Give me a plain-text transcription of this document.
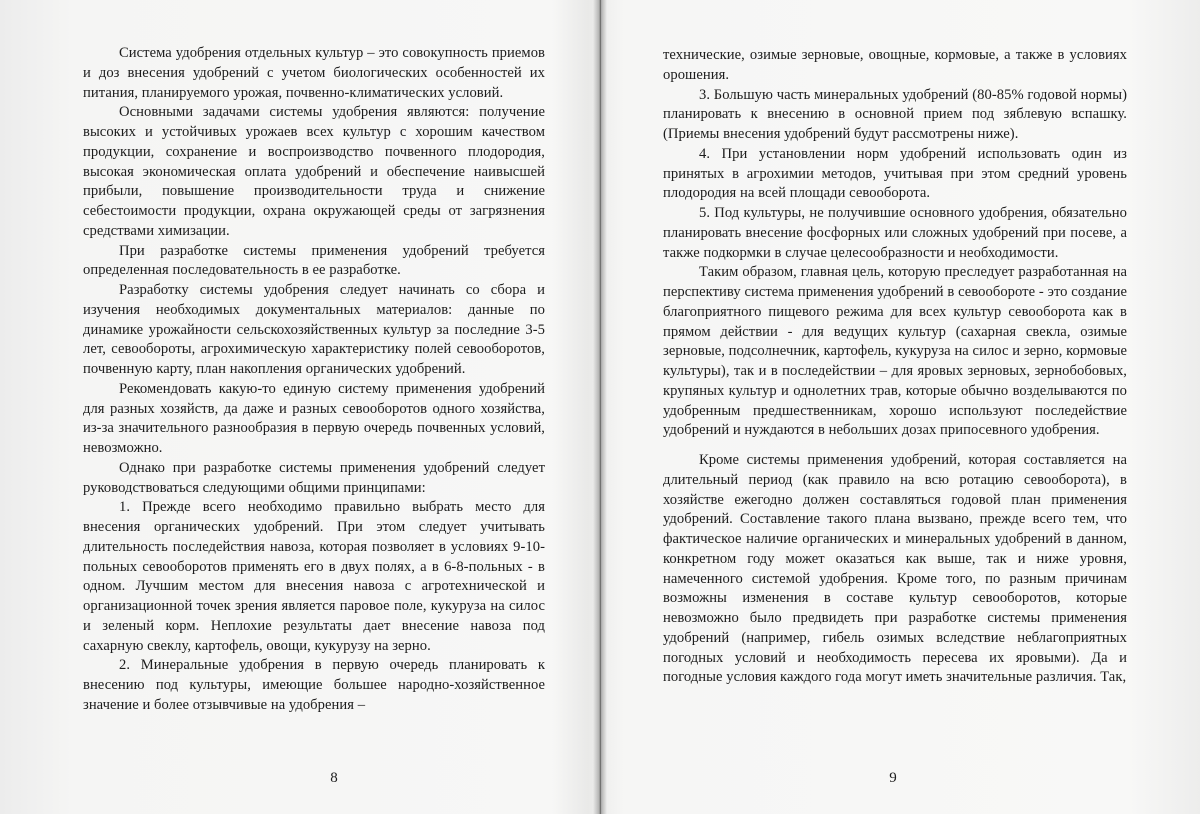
Система удобрения отдельных культур – это совокупность приемов и доз внесения удобрений с учетом биологических особенностей их питания, планируемого урожая, почвенно-климатических условий.

Основными задачами системы удобрения являются: получение высоких и устойчивых урожаев всех культур с хорошим качеством продукции, сохранение и воспроизводство почвенного плодородия, высокая экономическая оплата удобрений и обеспечение наивысшей прибыли, повышение производительности труда и снижение себестоимости продукции, охрана окружающей среды от загрязнения средствами химизации.

При разработке системы применения удобрений требуется определенная последовательность в ее разработке.

Разработку системы удобрения следует начинать со сбора и изучения необходимых документальных материалов: данные по динамике урожайности сельскохозяйственных культур за последние 3-5 лет, севообороты, агрохимическую характеристику полей севооборотов, почвенную карту, план накопления органических удобрений.

Рекомендовать какую-то единую систему применения удобрений для разных хозяйств, да даже и разных севооборотов одного хозяйства, из-за значительного разнообразия в первую очередь почвенных условий, невозможно.

Однако при разработке системы применения удобрений следует руководствоваться следующими общими принципами:

1. Прежде всего необходимо правильно выбрать место для внесения органических удобрений. При этом следует учитывать длительность последействия навоза, которая позволяет в условиях 9-10-польных севооборотов применять его в двух полях, а в 6-8-польных - в одном. Лучшим местом для внесения навоза с агротехнической и организационной точек зрения является паровое поле, кукуруза на силос и зеленый корм. Неплохие результаты дает внесение навоза под сахарную свеклу, картофель, овощи, кукурузу на зерно.

2. Минеральные удобрения в первую очередь планировать к внесению под культуры, имеющие большее народно-хозяйственное значение и более отзывчивые на удобрения –

8

технические, озимые зерновые, овощные, кормовые, а также в условиях орошения.

3. Большую часть минеральных удобрений (80-85% годовой нормы) планировать к внесению в основной прием под зяблевую вспашку. (Приемы внесения удобрений будут рассмотрены ниже).

4. При установлении норм удобрений использовать один из принятых в агрохимии методов, учитывая при этом средний уровень плодородия на всей площади севооборота.

5. Под культуры, не получившие основного удобрения, обязательно планировать внесение фосфорных или сложных удобрений при посеве, а также подкормки в случае целесообразности и необходимости.

Таким образом, главная цель, которую преследует разработанная на перспективу система применения удобрений в севообороте - это создание благоприятного пищевого режима для всех культур севооборота как в прямом действии - для ведущих культур (сахарная свекла, озимые зерновые, подсолнечник, картофель, кукуруза на силос и зерно, кормовые культуры), так и в последействии – для яровых зерновых, зернобобовых, крупяных культур и однолетних трав, которые обычно возделываются по удобренным предшественникам, хорошо используют последействие удобрений и нуждаются в небольших дозах припосевного удобрения.

Кроме системы применения удобрений, которая составляется на длительный период (как правило на всю ротацию севооборота), в хозяйстве ежегодно должен составляться годовой план применения удобрений. Составление такого плана вызвано, прежде всего тем, что фактическое наличие органических и минеральных удобрений в данном, конкретном году может оказаться как выше, так и ниже уровня, намеченного системой удобрения. Кроме того, по разным причинам возможны изменения в составе культур севооборотов, которые невозможно было предвидеть при разработке системы применения удобрений (например, гибель озимых вследствие неблагоприятных погодных условий и необходимость пересева их яровыми). Да и погодные условия каждого года могут иметь значительные различия. Так,

9
